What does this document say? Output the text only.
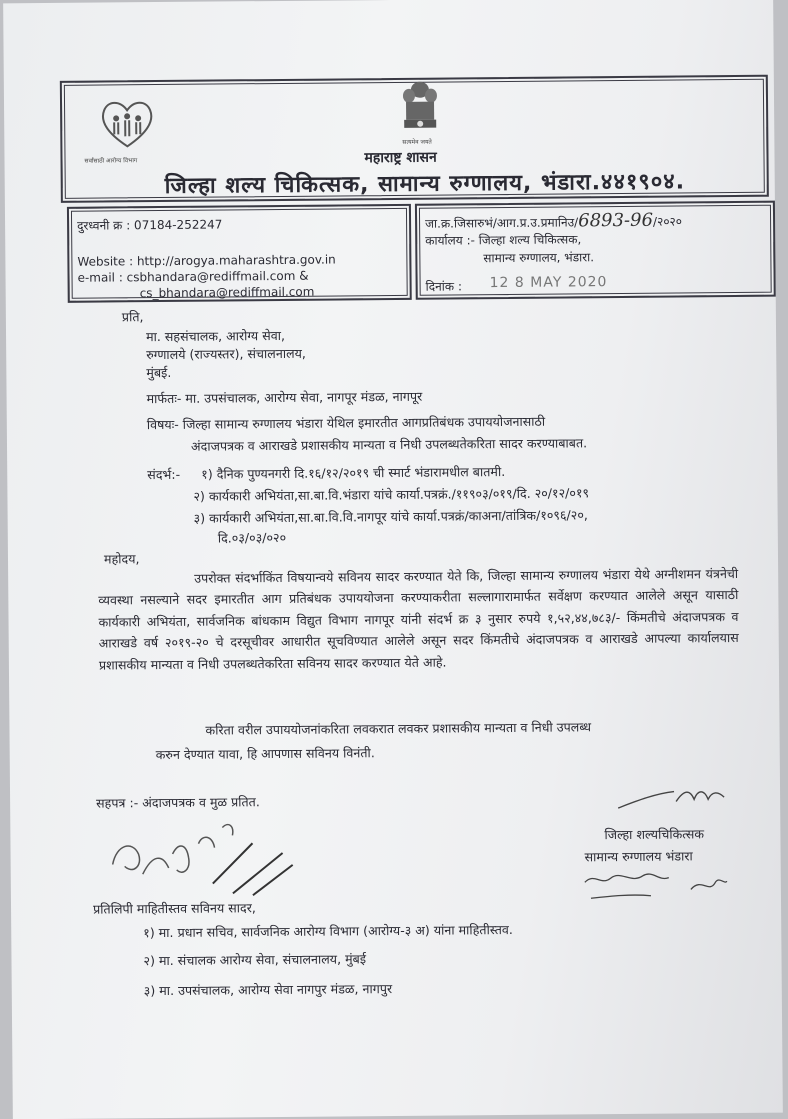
सर्वांसाठी आरोग्य विभाग
सत्यमेव जयते
महाराष्ट्र शासन
जिल्हा शल्य चिकित्सक, सामान्य रुग्णालय, भंडारा.४४१९०४.
दुरध्वनी क्र : 07184-252247
Website : http://arogya.maharashtra.gov.in
e-mail : csbhandara@rediffmail.com &
cs_bhandara@rediffmail.com
जा.क्र.जिसारुभं/आग.प्र.उ.प्रमानिउ/6893-96/२०२०
कार्यालय :- जिल्हा शल्य चिकित्सक,
सामान्य रुग्णालय, भंडारा.
दिनांक : 12 8 MAY 2020
प्रति,
मा. सहसंचालक, आरोग्य सेवा,
रुग्णालये (राज्यस्तर), संचालनालय,
मुंबई.
मार्फतः- मा. उपसंचालक, आरोग्य सेवा, नागपूर मंडळ, नागपूर
विषयः- जिल्हा सामान्य रुग्णालय भंडारा येथिल इमारतीत आगप्रतिबंधक उपाययोजनासाठी
अंदाजपत्रक व आराखडे प्रशासकीय मान्यता व निधी उपलब्धतेकरिता सादर करण्याबाबत.
संदर्भ:- १) दैनिक पुण्यनगरी दि.१६/१२/२०१९ ची स्मार्ट भंडारामधील बातमी.
२) कार्यकारी अभियंता,सा.बा.वि.भंडारा यांचे कार्या.पत्रक्रं./११९०३/०१९/दि. २०/१२/०१९
३) कार्यकारी अभियंता,सा.बा.वि.वि.नागपूर यांचे कार्या.पत्रक्रं/काअना/तांत्रिक/१०९६/२०,
दि.०३/०३/०२०
महोदय,
उपरोक्त संदर्भाकिंत विषयान्वये सविनय सादर करण्यात येते कि, जिल्हा सामान्य रुग्णालय भंडारा येथे अग्नीशमन यंत्रनेची व्यवस्था नसल्याने सदर इमारतीत आग प्रतिबंधक उपाययोजना करण्याकरीता सल्लागारामार्फत सर्वेक्षण करण्यात आलेले असून यासाठी कार्यकारी अभियंता, सार्वजनिक बांधकाम विद्युत विभाग नागपूर यांनी संदर्भ क्र ३ नुसार रुपये १,५२,४४,७८३/- किंमतीचे अंदाजपत्रक व आराखडे वर्ष २०१९-२० चे दरसूचीवर आधारीत सूचविण्यात आलेले असून सदर किंमतीचे अंदाजपत्रक व आराखडे आपल्या कार्यालयास प्रशासकीय मान्यता व निधी उपलब्धतेकरिता सविनय सादर करण्यात येते आहे.
करिता वरील उपाययोजनांकरिता लवकरात लवकर प्रशासकीय मान्यता व निधी उपलब्ध
करुन देण्यात यावा, हि आपणास सविनय विनंती.
सहपत्र :- अंदाजपत्रक व मुळ प्रतित.
जिल्हा शल्यचिकित्सक
सामान्य रुग्णालय भंडारा
प्रतिलिपी माहितीस्तव सविनय सादर,
१) मा. प्रधान सचिव, सार्वजनिक आरोग्य विभाग (आरोग्य-३ अ) यांना माहितीस्तव.
२) मा. संचालक आरोग्य सेवा, संचालनालय, मुंबई
३) मा. उपसंचालक, आरोग्य सेवा नागपुर मंडळ, नागपुर
